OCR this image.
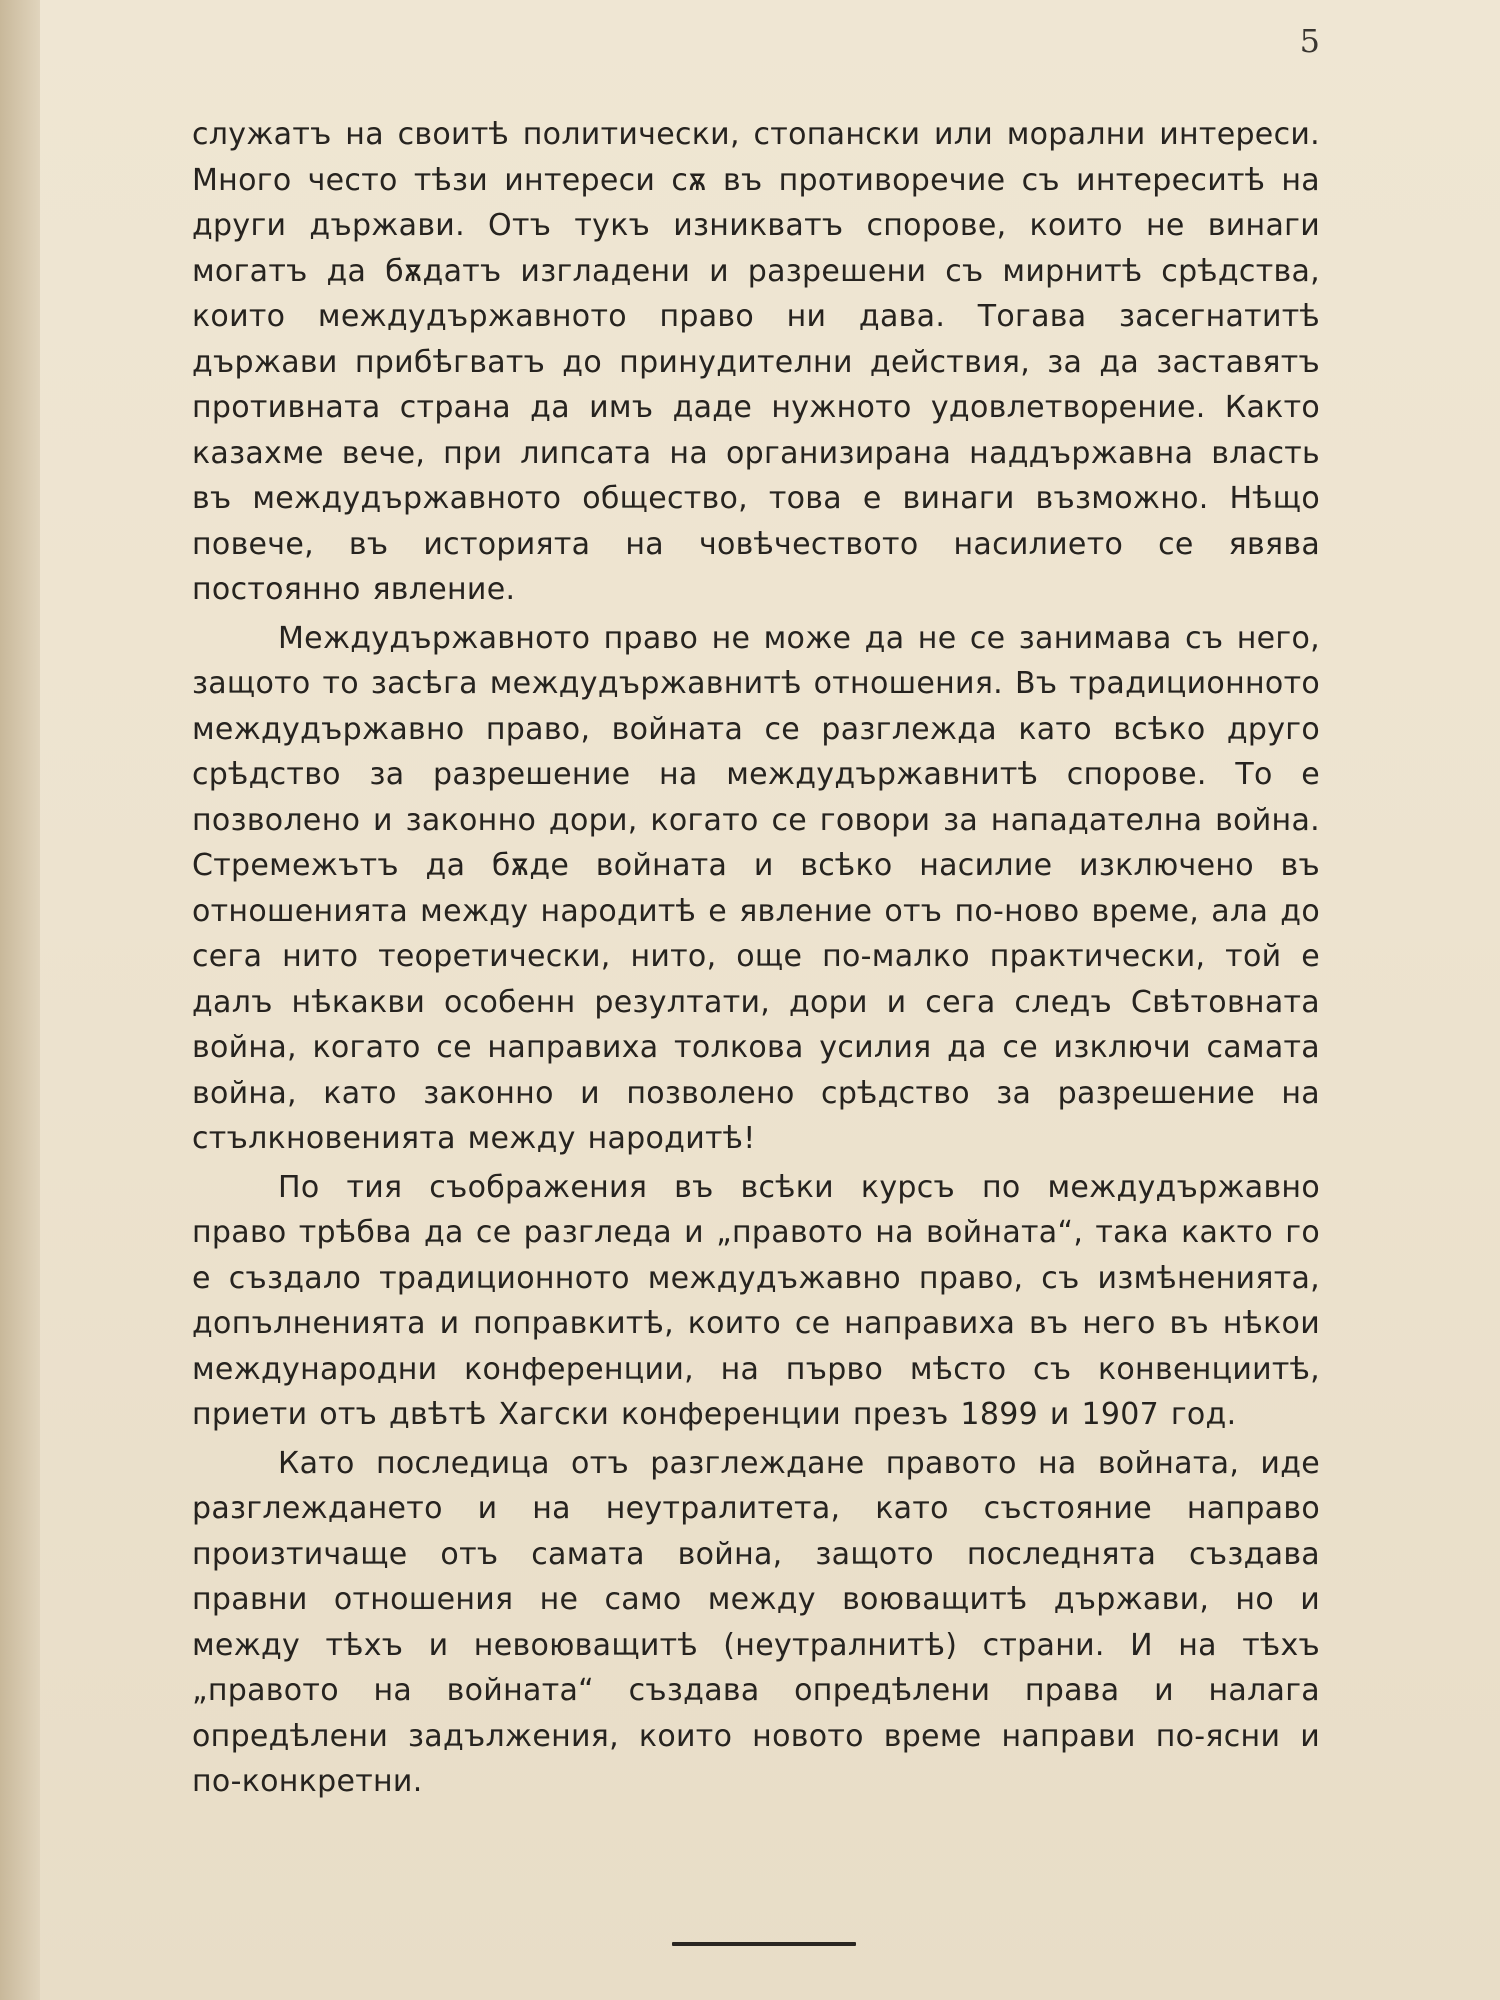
5

служатъ на своитѣ политически, стопански или морални интереси. Много често тѣзи интереси сѫ въ противоречие съ интереситѣ на други държави. Отъ тукъ изникватъ спорове, които не винаги могатъ да бѫдатъ изгладени и разрешени съ мирнитѣ срѣдства, които междудържавното право ни дава. Тогава засегнатитѣ държави прибѣгватъ до принудителни действия, за да заставятъ противната страна да имъ даде нужното удовлетворение. Както казахме вече, при липсата на организирана наддържавна власть въ междудържавното общество, това е винаги възможно. Нѣщо повече, въ историята на човѣчеството насилието се явява постоянно явление.

Междудържавното право не може да не се занимава съ него, защото то засѣга междудържавнитѣ отношения. Въ традиционното междудържавно право, войната се разглежда като всѣко друго срѣдство за разрешение на междудържавнитѣ спорове. То е позволено и законно дори, когато се говори за нападателна война. Стремежътъ да бѫде войната и всѣко насилие изключено въ отношенията между народитѣ е явление отъ по-ново време, ала до сега нито теоретически, нито, още по-малко практически, той е далъ нѣкакви особенн резултати, дори и сега следъ Свѣтовната война, когато се направиха толкова усилия да се изключи самата война, като законно и позволено срѣдство за разрешение на стълкновенията между народитѣ!

По тия съображения въ всѣки курсъ по междудържавно право трѣбва да се разгледа и „правото на войната“, така както го е създало традиционното междудъжавно право, съ измѣненията, допълненията и поправкитѣ, които се направиха въ него въ нѣкои международни конференции, на първо мѣсто съ конвенциитѣ, приети отъ двѣтѣ Хагски конференции презъ 1899 и 1907 год.

Като последица отъ разглеждане правото на войната, иде разглеждането и на неутралитета, като състояние направо произтичаще отъ самата война, защото последнята създава правни отношения не само между воюващитѣ държави, но и между тѣхъ и невоюващитѣ (неутралнитѣ) страни. И на тѣхъ „правото на войната“ създава опредѣлени права и налага опредѣлени задължения, които новото време направи по-ясни и по-конкретни.
